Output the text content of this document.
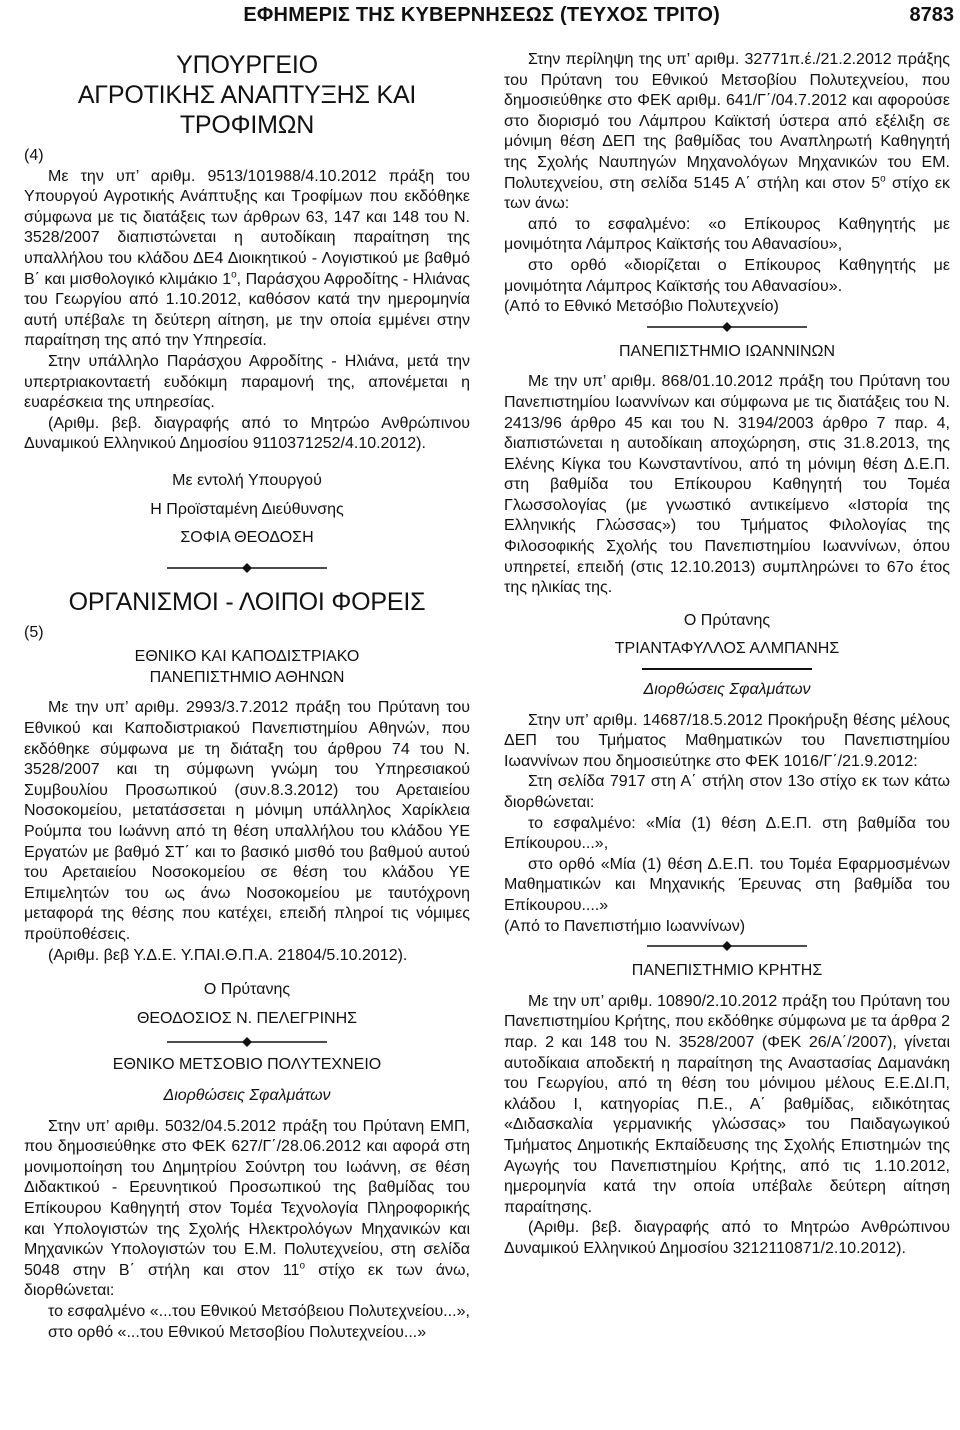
ΕΦΗΜΕΡΙΣ ΤΗΣ ΚΥΒΕΡΝΗΣΕΩΣ (ΤΕΥΧΟΣ ΤΡΙΤΟ)	8783
ΥΠΟΥΡΓΕΙΟ
ΑΓΡΟΤΙΚΗΣ ΑΝΑΠΤΥΞΗΣ ΚΑΙ ΤΡΟΦΙΜΩΝ

(4)

Με την υπ’ αριθμ. 9513/101988/4.10.2012 πράξη του Υπουργού Αγροτικής Ανάπτυξης και Τροφίμων που εκδόθηκε σύμφωνα με τις διατάξεις των άρθρων 63, 147 και 148 του Ν. 3528/2007 διαπιστώνεται η αυτοδίκαιη παραίτηση της υπαλλήλου του κλάδου ΔΕ4 Διοικητικού - Λογιστικού με βαθμό Β΄ και μισθολογικό κλιμάκιο $1^o$, Παράσχου Αφροδίτης - Ηλιάνας του Γεωργίου από 1.10.2012, καθόσον κατά την ημερομηνία αυτή υπέβαλε τη δεύτερη αίτηση, με την οποία εμμένει στην παραίτηση της από την Υπηρεσία.

Στην υπάλληλο Παράσχου Αφροδίτης - Ηλιάνα, μετά την υπερτριακονταετή ευδόκιμη παραμονή της, απονέμεται η ευαρέσκεια της υπηρεσίας.

(Αριθμ. βεβ. διαγραφής από το Μητρώο Ανθρώπινου Δυναμικού Ελληνικού Δημοσίου 9110371252/4.10.2012).

Με εντολή Υπουργού

Η Προϊσταμένη Διεύθυνσης

ΣΟΦΙΑ ΘΕΟΔΟΣΗ

ΟΡΓΑΝΙΣΜΟΙ - ΛΟΙΠΟΙ ΦΟΡΕΙΣ

(5)

ΕΘΝΙΚΟ ΚΑΙ ΚΑΠΟΔΙΣΤΡΙΑΚΟ
ΠΑΝΕΠΙΣΤΗΜΙΟ ΑΘΗΝΩΝ

Με την υπ’ αριθμ. 2993/3.7.2012 πράξη του Πρύτανη του Εθνικού και Καποδιστριακού Πανεπιστημίου Αθηνών, που εκδόθηκε σύμφωνα με τη διάταξη του άρθρου 74 του Ν. 3528/2007 και τη σύμφωνη γνώμη του Υπηρεσιακού Συμβουλίου Προσωπικού (συν.8.3.2012) του Αρεταιείου Νοσοκομείου, μετατάσσεται η μόνιμη υπάλληλος Χαρίκλεια Ρούμπα του Ιωάννη από τη θέση υπαλλήλου του κλάδου ΥΕ Εργατών με βαθμό ΣΤ΄ και το βασικό μισθό του βαθμού αυτού του Αρεταιείου Νοσοκομείου σε θέση του κλάδου ΥΕ Επιμελητών του ως άνω Νοσοκομείου με ταυτόχρονη μεταφορά της θέσης που κατέχει, επειδή πληροί τις νόμιμες προϋποθέσεις.

(Αριθμ. βεβ Υ.Δ.Ε. Υ.ΠΑΙ.Θ.Π.Α. 21804/5.10.2012).

Ο Πρύτανης

ΘΕΟΔΟΣΙΟΣ Ν. ΠΕΛΕΓΡΙΝΗΣ

ΕΘΝΙΚΟ ΜΕΤΣΟΒΙΟ ΠΟΛΥΤΕΧΝΕΙΟ
Διορθώσεις Σφαλμάτων

Στην υπ’ αριθμ. 5032/04.5.2012 πράξη του Πρύτανη ΕΜΠ, που δημοσιεύθηκε στο ΦΕΚ 627/Γ΄/28.06.2012 και αφορά στη μονιμοποίηση του Δημητρίου Σούντρη του Ιωάννη, σε θέση Διδακτικού - Ερευνητικού Προσωπικού της βαθμίδας του Επίκουρου Καθηγητή στον Τομέα Τεχνολογία Πληροφορικής και Υπολογιστών της Σχολής Ηλεκτρολόγων Μηχανικών και Μηχανικών Υπολογιστών του Ε.Μ. Πολυτεχνείου, στη σελίδα 5048 στην Β΄ στήλη και στον $11^o$ στίχο εκ των άνω, διορθώνεται:

το εσφαλμένο «...του Εθνικού Μετσόβειου Πολυτεχνείου...»,

στο ορθό «...του Εθνικού Μετσοβίου Πολυτεχνείου...»

Στην περίληψη της υπ’ αριθμ. 32771π.έ./21.2.2012 πράξης του Πρύτανη του Εθνικού Μετσοβίου Πολυτεχνείου, που δημοσιεύθηκε στο ΦΕΚ αριθμ. 641/Γ΄/04.7.2012 και αφορούσε στο διορισμό του Λάμπρου Καϊκτσή ύστερα από εξέλιξη σε μόνιμη θέση ΔΕΠ της βαθμίδας του Αναπληρωτή Καθηγητή της Σχολής Ναυπηγών Μηχανολόγων Μηχανικών του ΕΜ. Πολυτεχνείου, στη σελίδα 5145 Α΄ στήλη και στον $5^o$ στίχο εκ των άνω:

από το εσφαλμένο: «ο Επίκουρος Καθηγητής με μονιμότητα Λάμπρος Καϊκτσής του Αθανασίου»,

στο ορθό «διορίζεται ο Επίκουρος Καθηγητής με μονιμότητα Λάμπρος Καϊκτσής του Αθανασίου».

(Από το Εθνικό Μετσόβιο Πολυτεχνείο)

ΠΑΝΕΠΙΣΤΗΜΙΟ ΙΩΑΝΝΙΝΩΝ

Με την υπ’ αριθμ. 868/01.10.2012 πράξη του Πρύτανη του Πανεπιστημίου Ιωαννίνων και σύμφωνα με τις διατάξεις του Ν. 2413/96 άρθρο 45 και του Ν. 3194/2003 άρθρο 7 παρ. 4, διαπιστώνεται η αυτοδίκαιη αποχώρηση, στις 31.8.2013, της Ελένης Κίγκα του Κωνσταντίνου, από τη μόνιμη θέση Δ.Ε.Π. στη βαθμίδα του Επίκουρου Καθηγητή του Τομέα Γλωσσολογίας (με γνωστικό αντικείμενο «Ιστορία της Ελληνικής Γλώσσας») του Τμήματος Φιλολογίας της Φιλοσοφικής Σχολής του Πανεπιστημίου Ιωαννίνων, όπου υπηρετεί, επειδή (στις 12.10.2013) συμπληρώνει το 67ο έτος της ηλικίας της.

Ο Πρύτανης

ΤΡΙΑΝΤΑΦΥΛΛΟΣ ΑΛΜΠΑΝΗΣ

Διορθώσεις Σφαλμάτων

Στην υπ’ αριθμ. 14687/18.5.2012 Προκήρυξη θέσης μέλους ΔΕΠ του Τμήματος Μαθηματικών του Πανεπιστημίου Ιωαννίνων που δημοσιεύτηκε στο ΦΕΚ 1016/Γ΄/21.9.2012:

Στη σελίδα 7917 στη Α΄ στήλη στον 13ο στίχο εκ των κάτω διορθώνεται:

το εσφαλμένο: «Μία (1) θέση Δ.Ε.Π. στη βαθμίδα του Επίκουρου...»,

στο ορθό «Μία (1) θέση Δ.Ε.Π. του Τομέα Εφαρμοσμένων Μαθηματικών και Μηχανικής Έρευνας στη βαθμίδα του Επίκουρου....»

(Από το Πανεπιστήμιο Ιωαννίνων)

ΠΑΝΕΠΙΣΤΗΜΙΟ ΚΡΗΤΗΣ

Με την υπ’ αριθμ. 10890/2.10.2012 πράξη του Πρύτανη του Πανεπιστημίου Κρήτης, που εκδόθηκε σύμφωνα με τα άρθρα 2 παρ. 2 και 148 του Ν. 3528/2007 (ΦΕΚ 26/Α΄/2007), γίνεται αυτοδίκαια αποδεκτή η παραίτηση της Αναστασίας Δαμανάκη του Γεωργίου, από τη θέση του μόνιμου μέλους Ε.Ε.ΔΙ.Π, κλάδου Ι, κατηγορίας Π.Ε., Α΄ βαθμίδας, ειδικότητας «Διδασκαλία γερμανικής γλώσσας» του Παιδαγωγικού Τμήματος Δημοτικής Εκπαίδευσης της Σχολής Επιστημών της Αγωγής του Πανεπιστημίου Κρήτης, από τις 1.10.2012, ημερομηνία κατά την οποία υπέβαλε δεύτερη αίτηση παραίτησης.

(Αριθμ. βεβ. διαγραφής από το Μητρώο Ανθρώπινου Δυναμικού Ελληνικού Δημοσίου 3212110871/2.10.2012).
